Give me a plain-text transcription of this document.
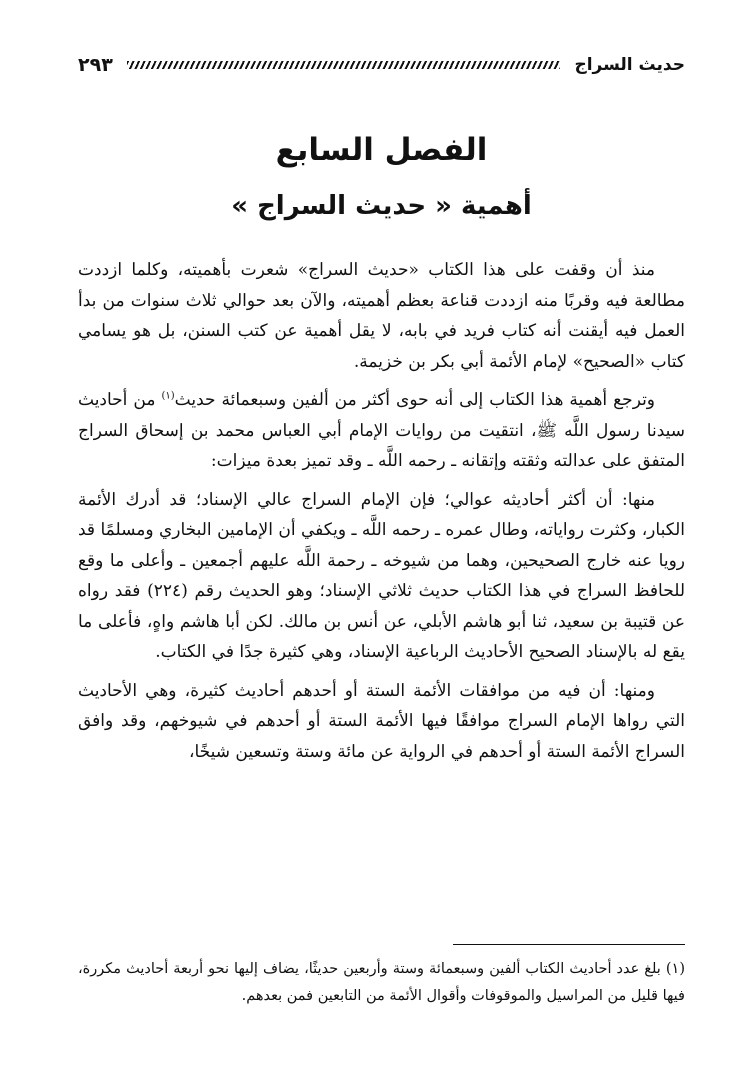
حديث السراج
٢٩٣
الفصل السابع
أهمية « حديث السراج »

منذ أن وقفت على هذا الكتاب «حديث السراج» شعرت بأهميته، وكلما ازددت مطالعة فيه وقربًا منه ازددت قناعة بعظم أهميته، والآن بعد حوالي ثلاث سنوات من بدأ العمل فيه أيقنت أنه كتاب فريد في بابه، لا يقل أهمية عن كتب السنن، بل هو يسامي كتاب «الصحيح» لإمام الأئمة أبي بكر بن خزيمة.

وترجع أهمية هذا الكتاب إلى أنه حوى أكثر من ألفين وسبعمائة حديث$^{(١)}$ من أحاديث سيدنا رسول اللَّه ﷺ، انتقيت من روايات الإمام أبي العباس محمد بن إسحاق السراج المتفق على عدالته وثقته وإتقانه ـ رحمه اللَّه ـ وقد تميز بعدة ميزات:

منها: أن أكثر أحاديثه عوالي؛ فإن الإمام السراج عالي الإسناد؛ قد أدرك الأئمة الكبار، وكثرت رواياته، وطال عمره ـ رحمه اللَّه ـ ويكفي أن الإمامين البخاري ومسلمًا قد رويا عنه خارج الصحيحين، وهما من شيوخه ـ رحمة اللَّه عليهم أجمعين ـ وأعلى ما وقع للحافظ السراج في هذا الكتاب حديث ثلاثي الإسناد؛ وهو الحديث رقم (٢٢٤) فقد رواه عن قتيبة بن سعيد، ثنا أبو هاشم الأبلي، عن أنس بن مالك. لكن أبا هاشم واهٍ، فأعلى ما يقع له بالإسناد الصحيح الأحاديث الرباعية الإسناد، وهي كثيرة جدًا في الكتاب.

ومنها: أن فيه من موافقات الأئمة الستة أو أحدهم أحاديث كثيرة، وهي الأحاديث التي رواها الإمام السراج موافقًا فيها الأئمة الستة أو أحدهم في شيوخهم، وقد وافق السراج الأئمة الستة أو أحدهم في الرواية عن مائة وستة وتسعين شيخًا،

(١) بلغ عدد أحاديث الكتاب ألفين وسبعمائة وستة وأربعين حديثًا، يضاف إليها نحو أربعة أحاديث مكررة، فيها قليل من المراسيل والموقوفات وأقوال الأئمة من التابعين فمن بعدهم.
